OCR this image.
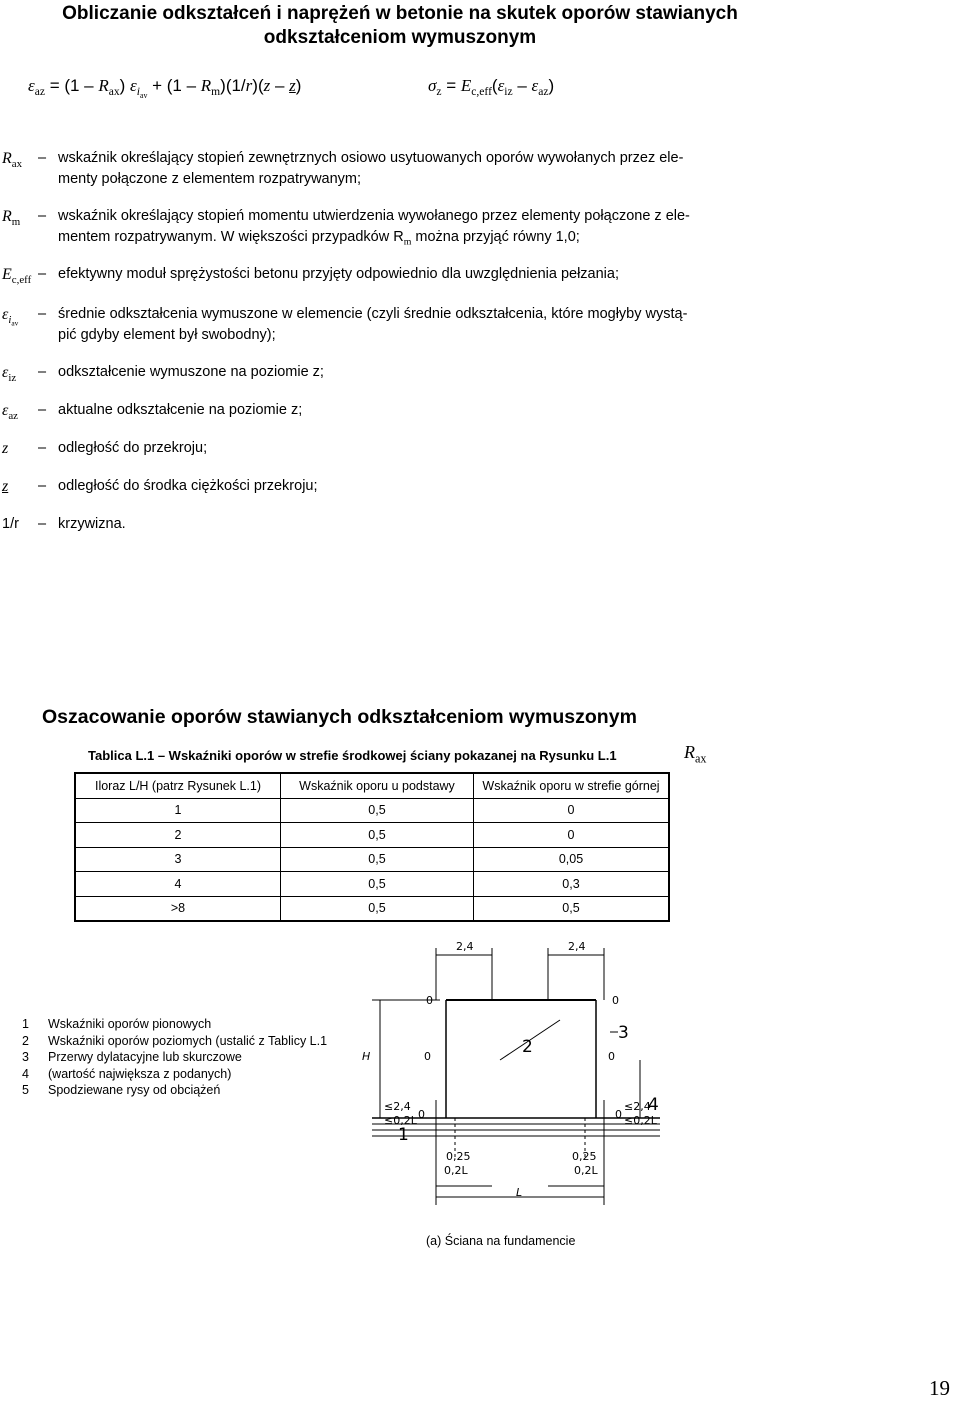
Obliczanie odkształceń i naprężeń w betonie na skutek oporów stawianych
odkształceniom wymuszonym
$\varepsilon_{az} = (1 - R_{ax}) \varepsilon_{i_{av}} + (1 - R_m)(1/r)(z - z)$	$\sigma_z = E_{c,eff}(\varepsilon_{iz} - \varepsilon_{az})$
$R_{ax}$ – wskaźnik określający stopień zewnętrznych osiowo usytuowanych oporów wywołanych przez ele-
menty połączone z elementem rozpatrywanym;
$R_m$ – wskaźnik określający stopień momentu utwierdzenia wywołanego przez elementy połączone z ele-
mentem rozpatrywanym. W większości przypadków $R_m$ można przyjąć równy 1,0;
$E_{c,eff}$ – efektywny moduł sprężystości betonu przyjęty odpowiednio dla uwzględnienia pełzania;
$\varepsilon_{i_{av}}$
– średnie odkształcenia wymuszone w elemencie (czyli średnie odkształcenia, które mogłyby wystą-
pić gdyby element był swobodny);
$\varepsilon_{iz}$ – odkształcenie wymuszone na poziomie z;
$\varepsilon_{az}$ – aktualne odkształcenie na poziomie z;
z – odległość do przekroju;
z – odległość do środka ciężkości przekroju;
1/r – krzywizna.
Oszacowanie oporów stawianych odkształceniom wymuszonym
Tablica L.1 – Wskaźniki oporów w strefie środkowej ściany pokazanej na Rysunku L.1	$R_{ax}$
Iloraz L/H (patrz Rysunek L.1)	Wskaźnik oporu u podstawy	Wskaźnik oporu w strefie górnej
1	0,5	0
2	0,5	0
3	0,5	0,05
4	0,5	0,3
>8	0,5	0,5
1 Wskaźniki oporów pionowych
2 Wskaźniki oporów poziomych (ustalić z Tablicy L.1
3 Przerwy dylatacyjne lub skurczowe
4 (wartość największa z podanych)
5 Spodziewane rysy od obciążeń
2,4	2,4
0	0
0	0
0	0
H
L
≤2,4	≤2,4
≤0,2L	≤0,2L
0,25	0,25
0,2L	0,2L
1
2
3
4
(a) Ściana na fundamencie
19
